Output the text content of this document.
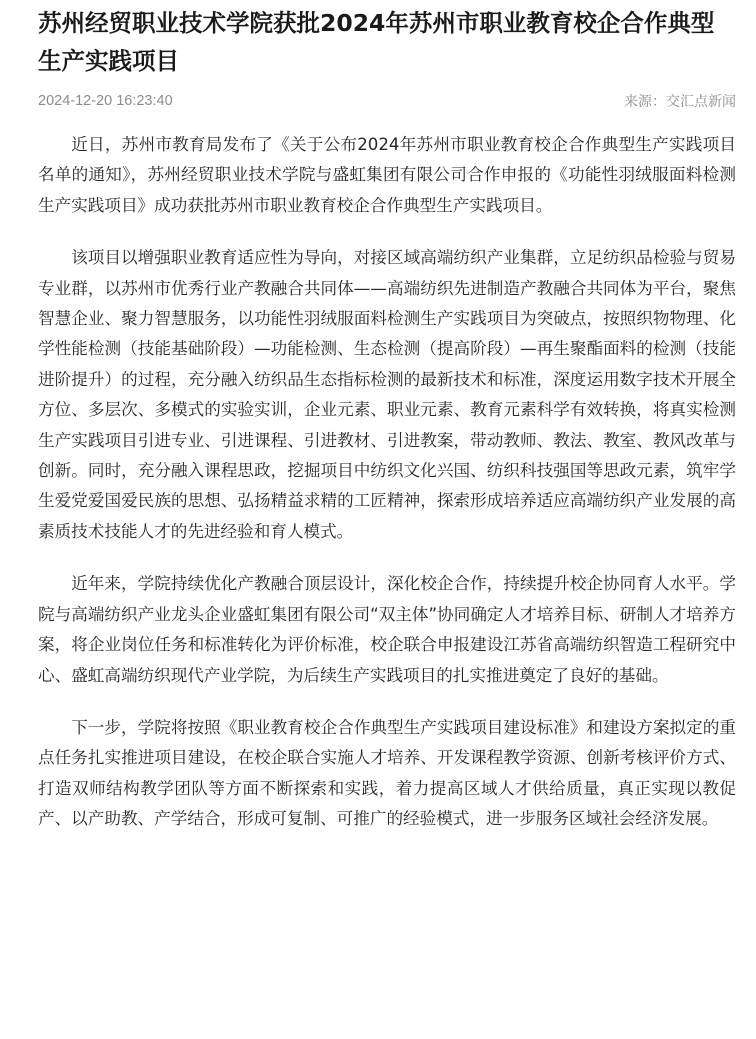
苏州经贸职业技术学院获批2024年苏州市职业教育校企合作典型生产实践项目
2024-12-20 16:23:40	来源：交汇点新闻

近日，苏州市教育局发布了《关于公布2024年苏州市职业教育校企合作典型生产实践项目名单的通知》，苏州经贸职业技术学院与盛虹集团有限公司合作申报的《功能性羽绒服面料检测生产实践项目》成功获批苏州市职业教育校企合作典型生产实践项目。

该项目以增强职业教育适应性为导向，对接区域高端纺织产业集群，立足纺织品检验与贸易专业群，以苏州市优秀行业产教融合共同体——高端纺织先进制造产教融合共同体为平台，聚焦智慧企业、聚力智慧服务，以功能性羽绒服面料检测生产实践项目为突破点，按照织物物理、化学性能检测（技能基础阶段）—功能检测、生态检测（提高阶段）—再生聚酯面料的检测（技能进阶提升）的过程，充分融入纺织品生态指标检测的最新技术和标准，深度运用数字技术开展全方位、多层次、多模式的实验实训，企业元素、职业元素、教育元素科学有效转换，将真实检测生产实践项目引进专业、引进课程、引进教材、引进教案，带动教师、教法、教室、教风改革与创新。同时，充分融入课程思政，挖掘项目中纺织文化兴国、纺织科技强国等思政元素，筑牢学生爱党爱国爱民族的思想、弘扬精益求精的工匠精神，探索形成培养适应高端纺织产业发展的高素质技术技能人才的先进经验和育人模式。

近年来，学院持续优化产教融合顶层设计，深化校企合作，持续提升校企协同育人水平。学院与高端纺织产业龙头企业盛虹集团有限公司“双主体”协同确定人才培养目标、研制人才培养方案，将企业岗位任务和标准转化为评价标准，校企联合申报建设江苏省高端纺织智造工程研究中心、盛虹高端纺织现代产业学院，为后续生产实践项目的扎实推进奠定了良好的基础。

下一步，学院将按照《职业教育校企合作典型生产实践项目建设标准》和建设方案拟定的重点任务扎实推进项目建设，在校企联合实施人才培养、开发课程教学资源、创新考核评价方式、打造双师结构教学团队等方面不断探索和实践，着力提高区域人才供给质量，真正实现以教促产、以产助教、产学结合，形成可复制、可推广的经验模式，进一步服务区域社会经济发展。
